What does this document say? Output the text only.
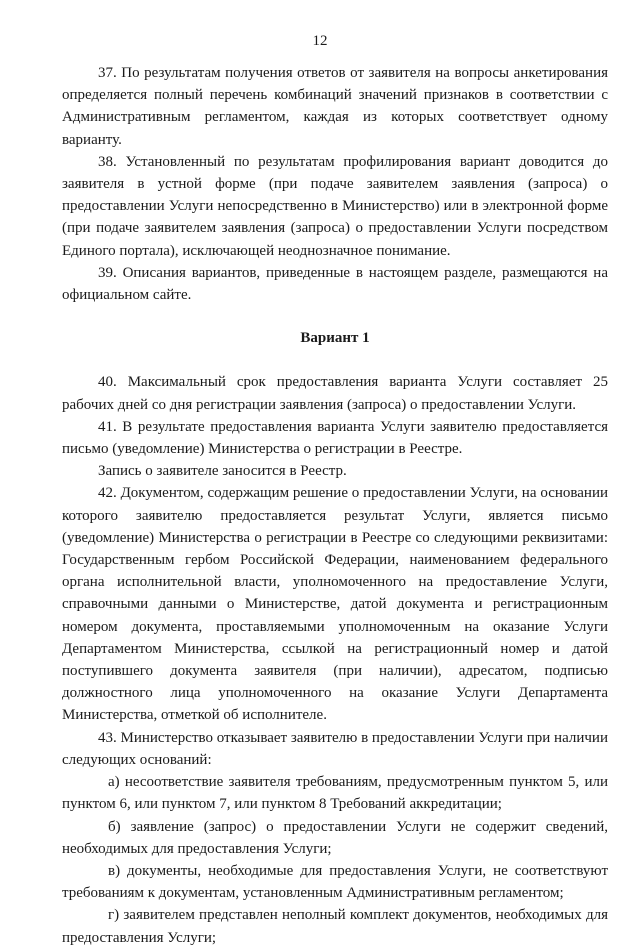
12

37. По результатам получения ответов от заявителя на вопросы анкетирования определяется полный перечень комбинаций значений признаков в соответствии с Административным регламентом, каждая из которых соответствует одному варианту.

38. Установленный по результатам профилирования вариант доводится до заявителя в устной форме (при подаче заявителем заявления (запроса) о предоставлении Услуги непосредственно в Министерство) или в электронной форме (при подаче заявителем заявления (запроса) о предоставлении Услуги посредством Единого портала), исключающей неоднозначное понимание.

39. Описания вариантов, приведенные в настоящем разделе, размещаются на официальном сайте.

Вариант 1

40. Максимальный срок предоставления варианта Услуги составляет 25 рабочих дней со дня регистрации заявления (запроса) о предоставлении Услуги.

41. В результате предоставления варианта Услуги заявителю предоставляется письмо (уведомление) Министерства о регистрации в Реестре.

Запись о заявителе заносится в Реестр.

42. Документом, содержащим решение о предоставлении Услуги, на основании которого заявителю предоставляется результат Услуги, является письмо (уведомление) Министерства о регистрации в Реестре со следующими реквизитами: Государственным гербом Российской Федерации, наименованием федерального органа исполнительной власти, уполномоченного на предоставление Услуги, справочными данными о Министерстве, датой документа и регистрационным номером документа, проставляемыми уполномоченным на оказание Услуги Департаментом Министерства, ссылкой на регистрационный номер и датой поступившего документа заявителя (при наличии), адресатом, подписью должностного лица уполномоченного на оказание Услуги Департамента Министерства, отметкой об исполнителе.

43. Министерство отказывает заявителю в предоставлении Услуги при наличии следующих оснований:

а) несоответствие заявителя требованиям, предусмотренным пунктом 5, или пунктом 6, или пунктом 7, или пунктом 8 Требований аккредитации;

б) заявление (запрос) о предоставлении Услуги не содержит сведений, необходимых для предоставления Услуги;

в) документы, необходимые для предоставления Услуги, не соответствуют требованиям к документам, установленным Административным регламентом;

г) заявителем представлен неполный комплект документов, необходимых для предоставления Услуги;
